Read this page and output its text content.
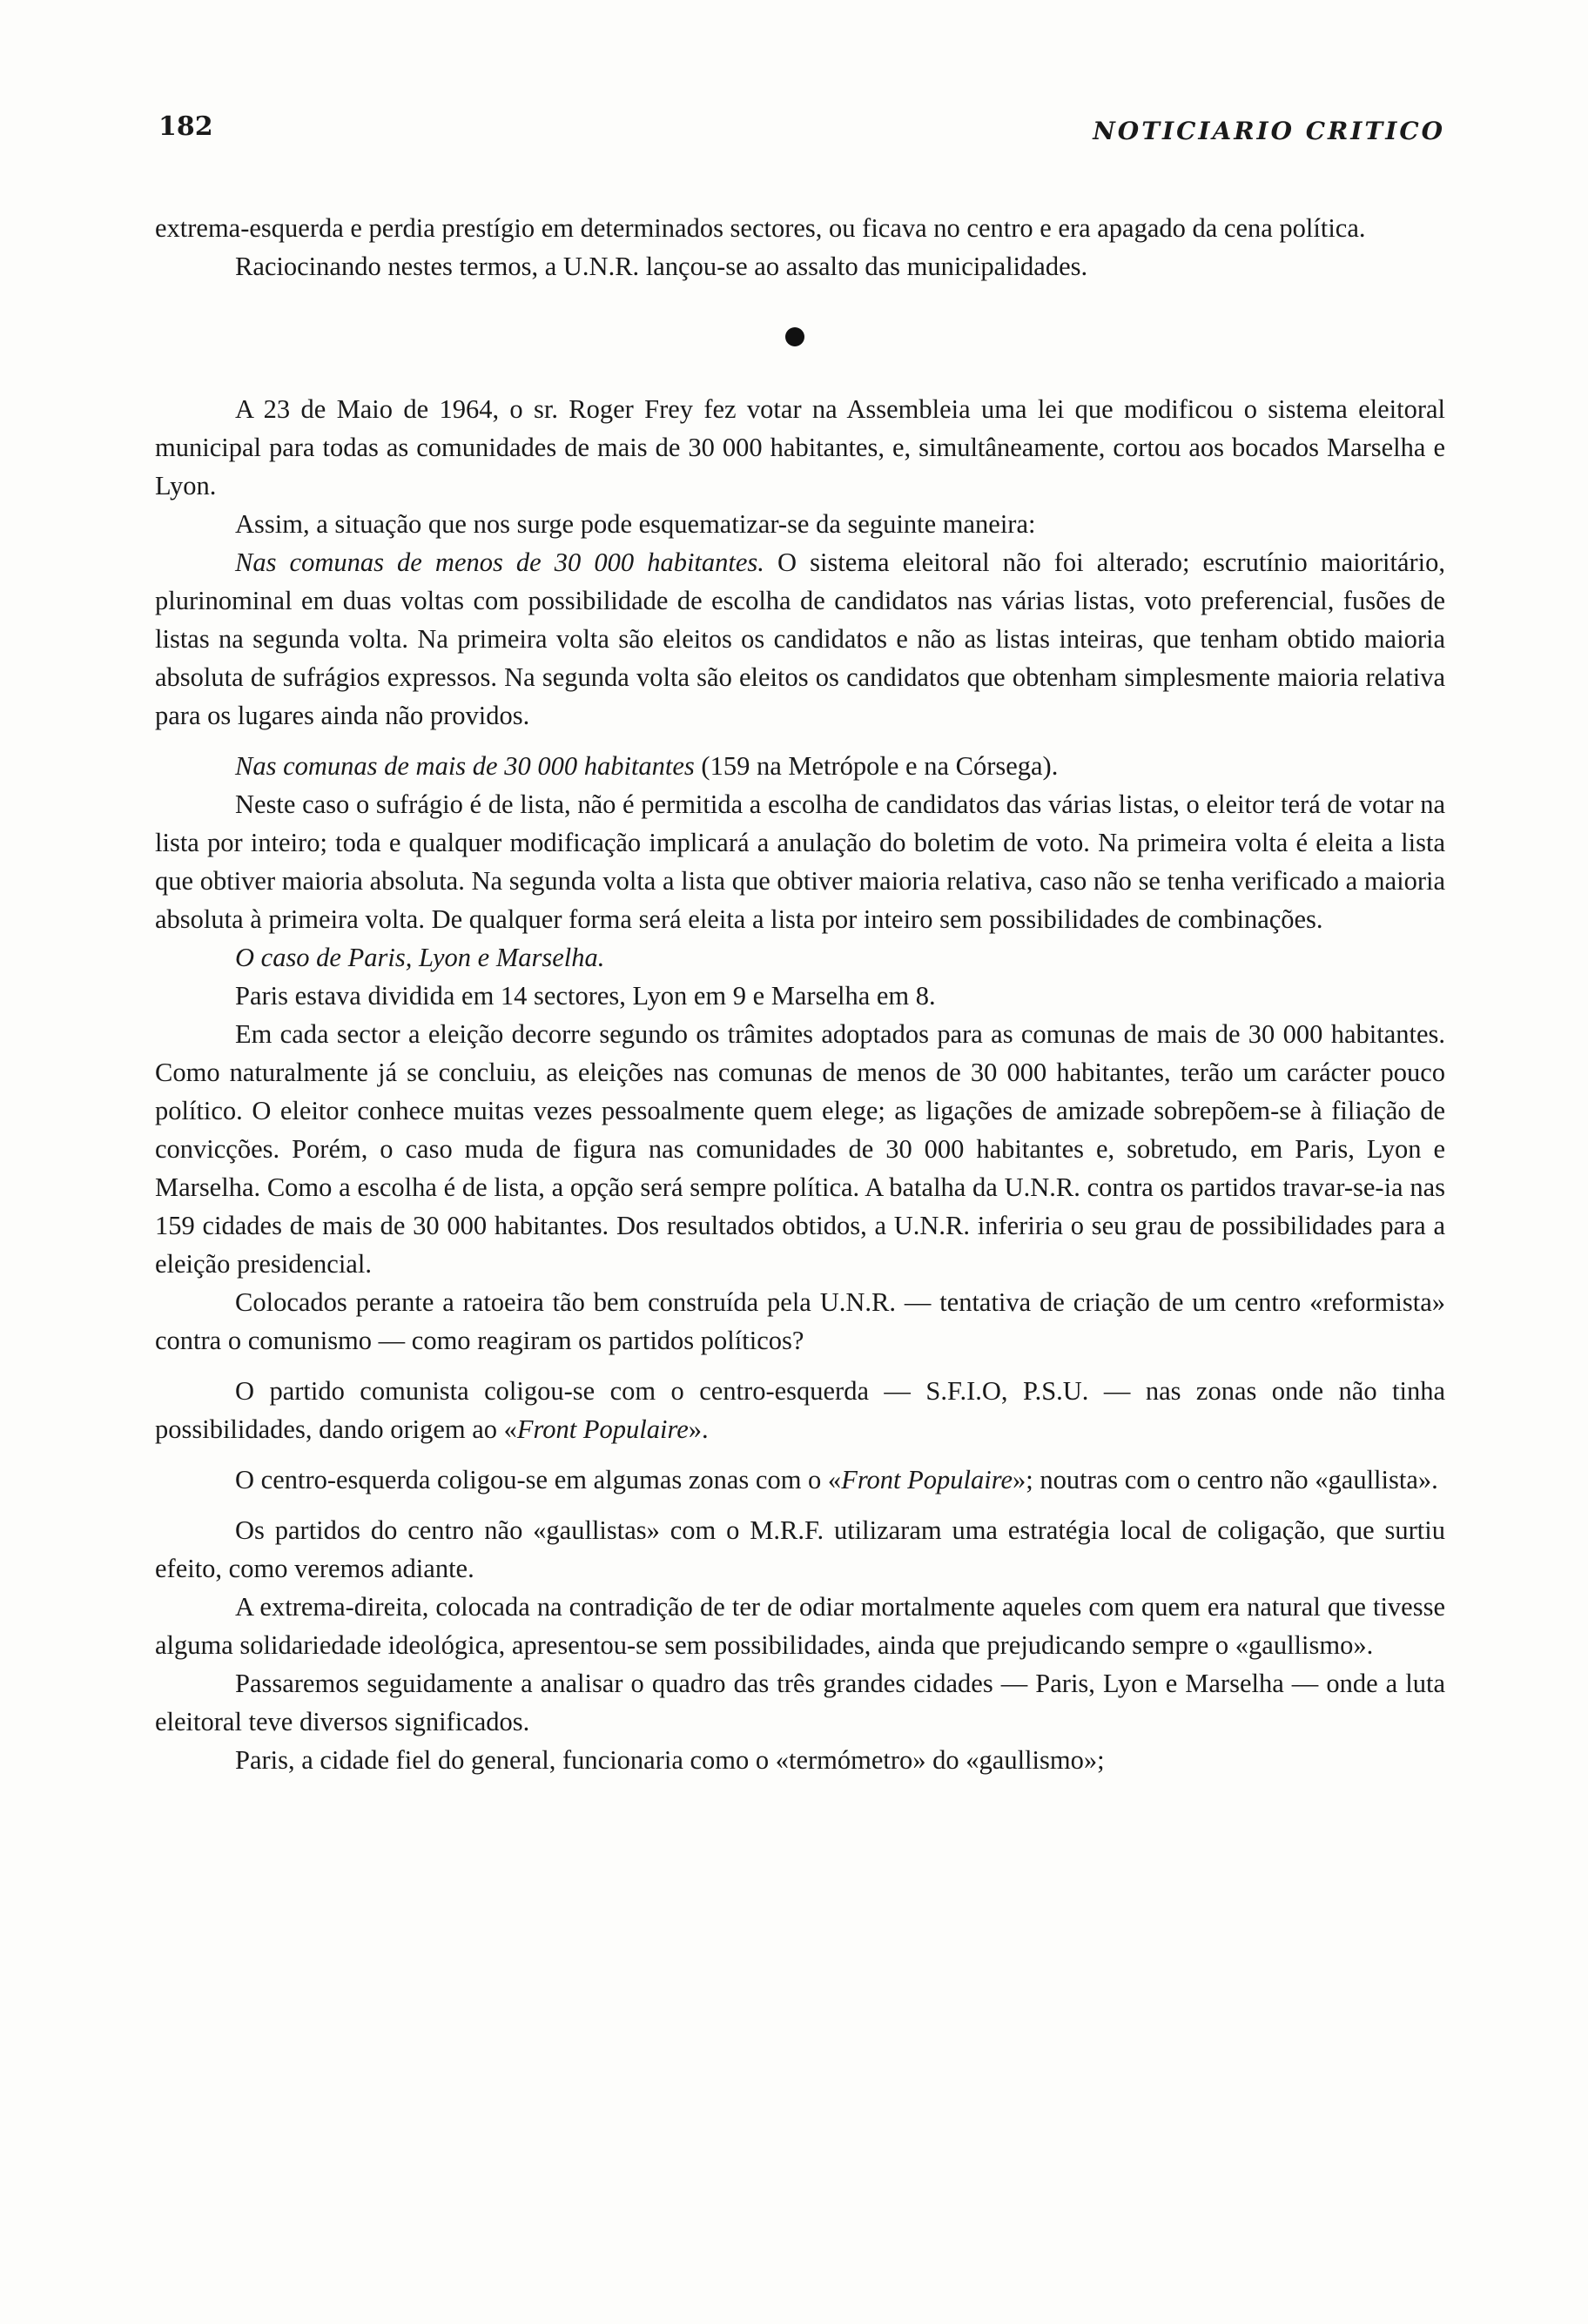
182	NOTICIARIO CRITICO

extrema-esquerda e perdia prestígio em determinados sectores, ou ficava no centro e era apagado da cena política.

Raciocinando nestes termos, a U.N.R. lançou-se ao assalto das municipalidades.

A 23 de Maio de 1964, o sr. Roger Frey fez votar na Assembleia uma lei que modificou o sistema eleitoral municipal para todas as comunidades de mais de 30 000 habitantes, e, simultâneamente, cortou aos bocados Marselha e Lyon.

Assim, a situação que nos surge pode esquematizar-se da seguinte maneira:

Nas comunas de menos de 30 000 habitantes. O sistema eleitoral não foi alterado; escrutínio maioritário, plurinominal em duas voltas com possibilidade de escolha de candidatos nas várias listas, voto preferencial, fusões de listas na segunda volta. Na primeira volta são eleitos os candidatos e não as listas inteiras, que tenham obtido maioria absoluta de sufrágios expressos. Na segunda volta são eleitos os candidatos que obtenham simplesmente maioria relativa para os lugares ainda não providos.

Nas comunas de mais de 30 000 habitantes (159 na Metrópole e na Córsega).

Neste caso o sufrágio é de lista, não é permitida a escolha de candidatos das várias listas, o eleitor terá de votar na lista por inteiro; toda e qualquer modificação implicará a anulação do boletim de voto. Na primeira volta é eleita a lista que obtiver maioria absoluta. Na segunda volta a lista que obtiver maioria relativa, caso não se tenha verificado a maioria absoluta à primeira volta. De qualquer forma será eleita a lista por inteiro sem possibilidades de combinações.

O caso de Paris, Lyon e Marselha.

Paris estava dividida em 14 sectores, Lyon em 9 e Marselha em 8.

Em cada sector a eleição decorre segundo os trâmites adoptados para as comunas de mais de 30 000 habitantes. Como naturalmente já se concluiu, as eleições nas comunas de menos de 30 000 habitantes, terão um carácter pouco político. O eleitor conhece muitas vezes pessoalmente quem elege; as ligações de amizade sobrepõem-se à filiação de convicções. Porém, o caso muda de figura nas comunidades de 30 000 habitantes e, sobretudo, em Paris, Lyon e Marselha. Como a escolha é de lista, a opção será sempre política. A batalha da U.N.R. contra os partidos travar-se-ia nas 159 cidades de mais de 30 000 habitantes. Dos resultados obtidos, a U.N.R. inferiria o seu grau de possibilidades para a eleição presidencial.

Colocados perante a ratoeira tão bem construída pela U.N.R. — tentativa de criação de um centro «reformista» contra o comunismo — como reagiram os partidos políticos?

O partido comunista coligou-se com o centro-esquerda — S.F.I.O, P.S.U. — nas zonas onde não tinha possibilidades, dando origem ao «Front Populaire».

O centro-esquerda coligou-se em algumas zonas com o «Front Populaire»; noutras com o centro não «gaullista».

Os partidos do centro não «gaullistas» com o M.R.F. utilizaram uma estratégia local de coligação, que surtiu efeito, como veremos adiante.

A extrema-direita, colocada na contradição de ter de odiar mortalmente aqueles com quem era natural que tivesse alguma solidariedade ideológica, apresentou-se sem possibilidades, ainda que prejudicando sempre o «gaullismo».

Passaremos seguidamente a analisar o quadro das três grandes cidades — Paris, Lyon e Marselha — onde a luta eleitoral teve diversos significados.

Paris, a cidade fiel do general, funcionaria como o «termómetro» do «gaullismo»;
